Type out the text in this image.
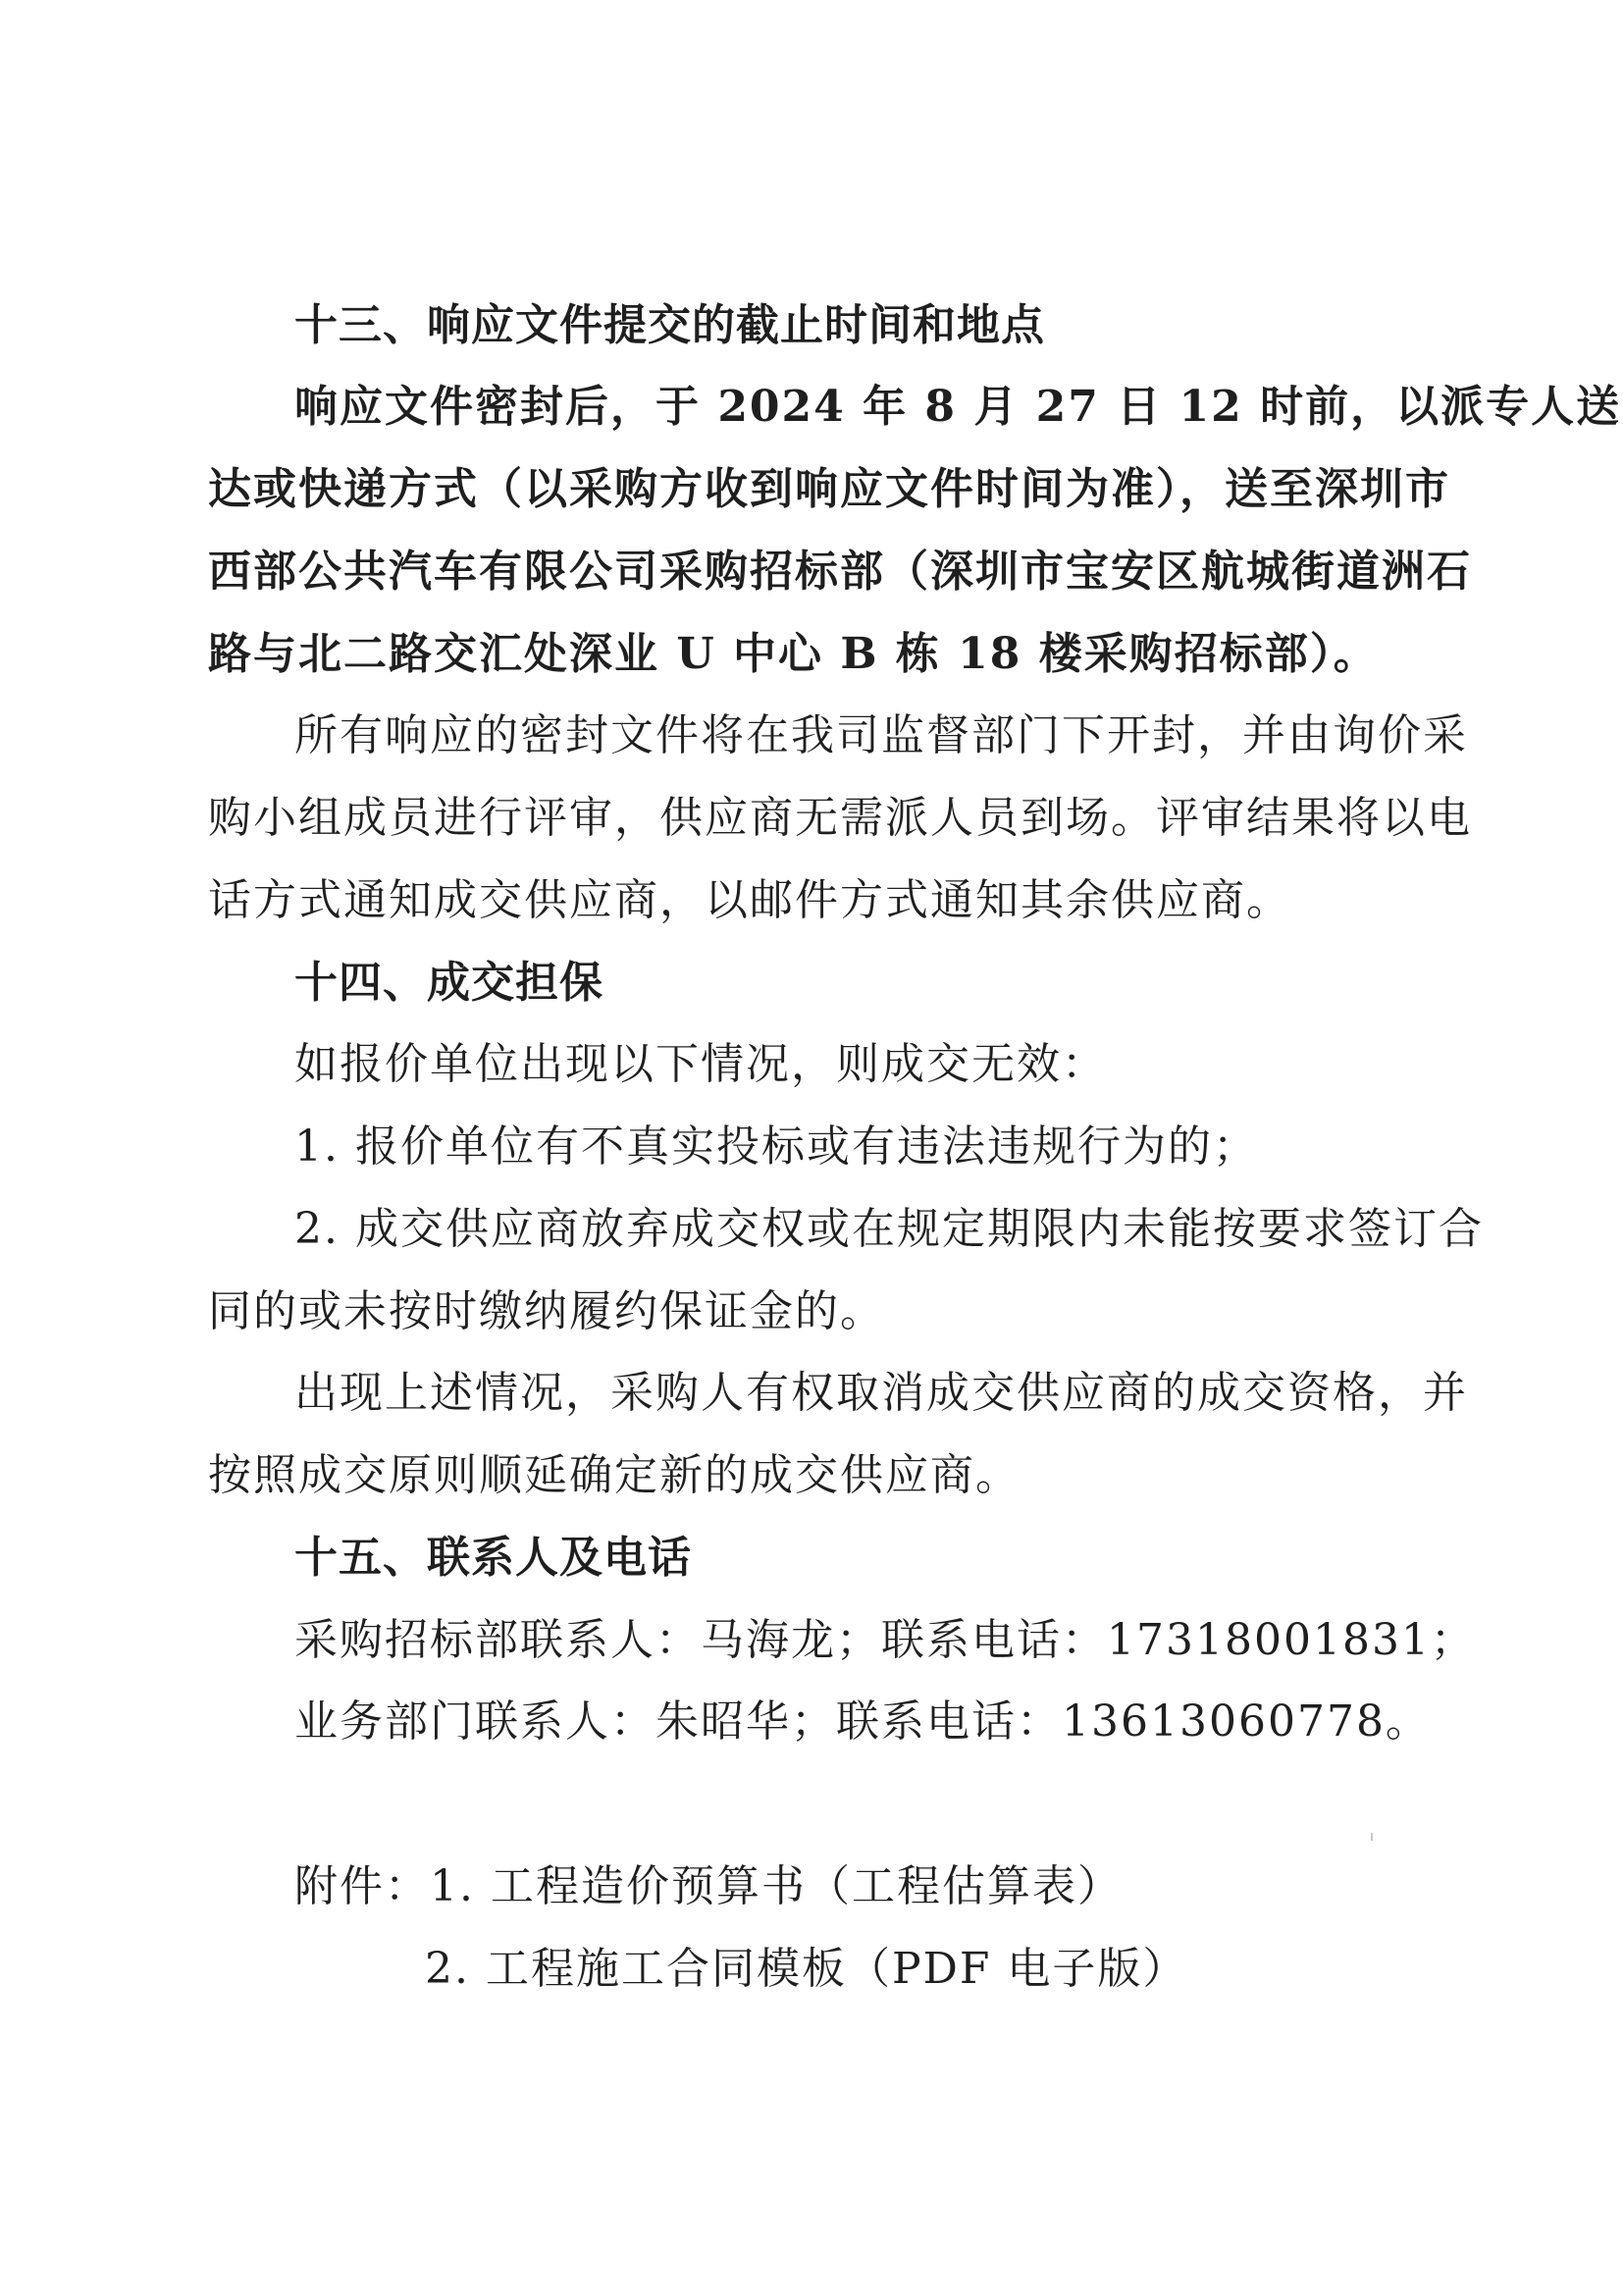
十三、响应文件提交的截止时间和地点
响应文件密封后，于 2024 年 8 月 27 日 12 时前，以派专人送
达或快递方式（以采购方收到响应文件时间为准），送至深圳市
西部公共汽车有限公司采购招标部（深圳市宝安区航城街道洲石
路与北二路交汇处深业 U 中心 B 栋 18 楼采购招标部）。
所有响应的密封文件将在我司监督部门下开封，并由询价采
购小组成员进行评审，供应商无需派人员到场。评审结果将以电
话方式通知成交供应商，以邮件方式通知其余供应商。
十四、成交担保
如报价单位出现以下情况，则成交无效：
1. 报价单位有不真实投标或有违法违规行为的；
2. 成交供应商放弃成交权或在规定期限内未能按要求签订合
同的或未按时缴纳履约保证金的。
出现上述情况，采购人有权取消成交供应商的成交资格，并
按照成交原则顺延确定新的成交供应商。
十五、联系人及电话
采购招标部联系人：马海龙；联系电话：17318001831；
业务部门联系人：朱昭华；联系电话：13613060778。
附件：1. 工程造价预算书（工程估算表）
2. 工程施工合同模板（PDF 电子版）
